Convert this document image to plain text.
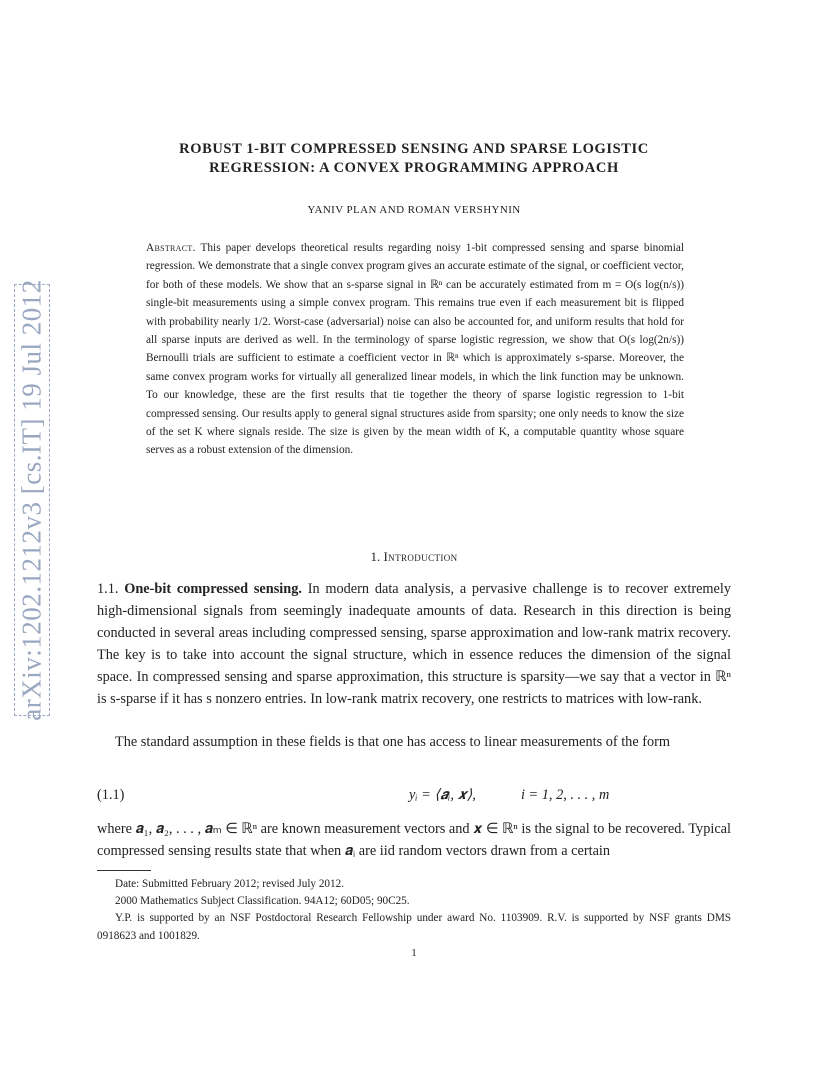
arXiv:1202.1212v3 [cs.IT] 19 Jul 2012
ROBUST 1-BIT COMPRESSED SENSING AND SPARSE LOGISTIC
REGRESSION: A CONVEX PROGRAMMING APPROACH
YANIV PLAN AND ROMAN VERSHYNIN
Abstract. This paper develops theoretical results regarding noisy 1-bit compressed sensing and sparse binomial regression. We demonstrate that a single convex program gives an accurate estimate of the signal, or coefficient vector, for both of these models. We show that an s-sparse signal in ℝⁿ can be accurately estimated from m = O(s log(n/s)) single-bit measurements using a simple convex program. This remains true even if each measurement bit is flipped with probability nearly 1/2. Worst-case (adversarial) noise can also be accounted for, and uniform results that hold for all sparse inputs are derived as well. In the terminology of sparse logistic regression, we show that O(s log(2n/s)) Bernoulli trials are sufficient to estimate a coefficient vector in ℝⁿ which is approximately s-sparse. Moreover, the same convex program works for virtually all generalized linear models, in which the link function may be unknown. To our knowledge, these are the first results that tie together the theory of sparse logistic regression to 1-bit compressed sensing. Our results apply to general signal structures aside from sparsity; one only needs to know the size of the set K where signals reside. The size is given by the mean width of K, a computable quantity whose square serves as a robust extension of the dimension.
1. Introduction

1.1. One-bit compressed sensing. In modern data analysis, a pervasive challenge is to recover extremely high-dimensional signals from seemingly inadequate amounts of data. Research in this direction is being conducted in several areas including compressed sensing, sparse approximation and low-rank matrix recovery. The key is to take into account the signal structure, which in essence reduces the dimension of the signal space. In compressed sensing and sparse approximation, this structure is sparsity—we say that a vector in ℝⁿ is s-sparse if it has s nonzero entries. In low-rank matrix recovery, one restricts to matrices with low-rank.

The standard assumption in these fields is that one has access to linear measurements of the form

(1.1)	yᵢ = ⟨𝒂ᵢ, 𝒙⟩,	i = 1, 2, . . . , m

where 𝒂₁, 𝒂₂, . . . , 𝒂ₘ ∈ ℝⁿ are known measurement vectors and 𝒙 ∈ ℝⁿ is the signal to be recovered. Typical compressed sensing results state that when 𝒂ᵢ are iid random vectors drawn from a certain

Date: Submitted February 2012; revised July 2012.

2000 Mathematics Subject Classification. 94A12; 60D05; 90C25.

Y.P. is supported by an NSF Postdoctoral Research Fellowship under award No. 1103909. R.V. is supported by NSF grants DMS 0918623 and 1001829.

1
